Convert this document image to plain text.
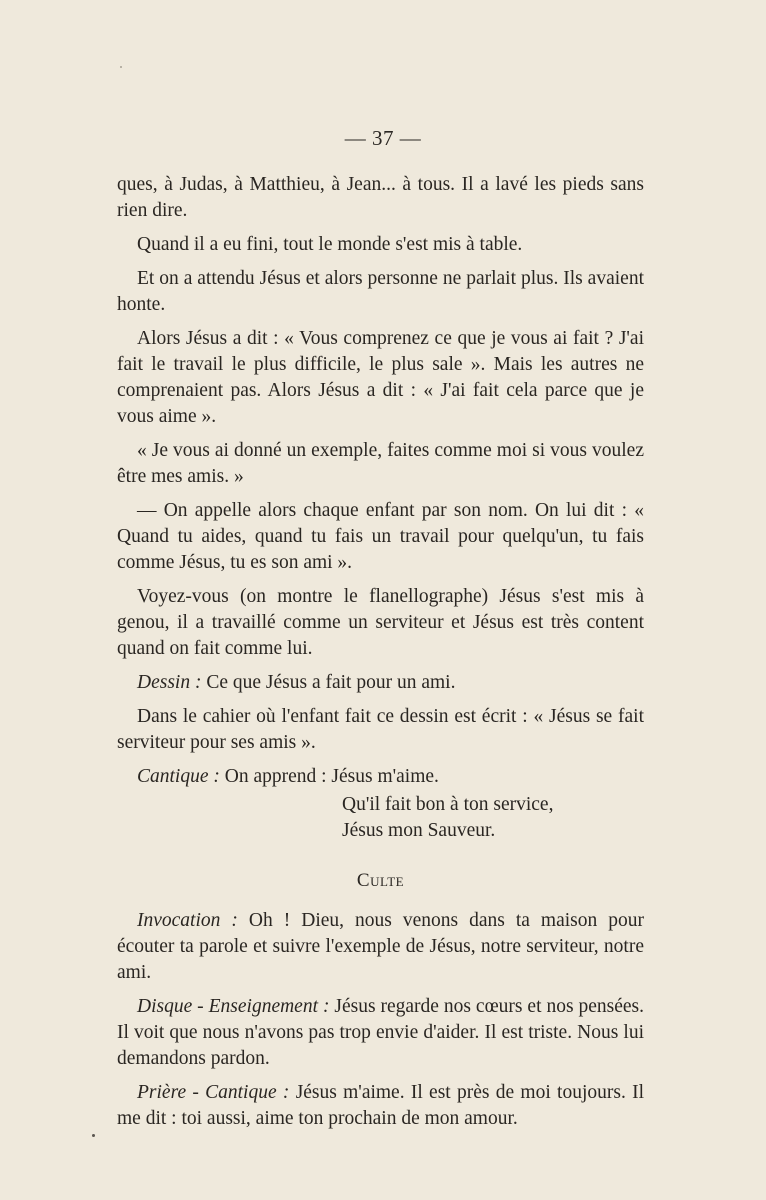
— 37 —

ques, à Judas, à Matthieu, à Jean... à tous. Il a lavé les pieds sans rien dire.

Quand il a eu fini, tout le monde s'est mis à table.

Et on a attendu Jésus et alors personne ne parlait plus. Ils avaient honte.

Alors Jésus a dit : « Vous comprenez ce que je vous ai fait ? J'ai fait le travail le plus difficile, le plus sale ». Mais les autres ne comprenaient pas. Alors Jésus a dit : « J'ai fait cela parce que je vous aime ».

« Je vous ai donné un exemple, faites comme moi si vous voulez être mes amis. »

— On appelle alors chaque enfant par son nom. On lui dit : « Quand tu aides, quand tu fais un travail pour quelqu'un, tu fais comme Jésus, tu es son ami ».

Voyez-vous (on montre le flanellographe) Jésus s'est mis à genou, il a travaillé comme un serviteur et Jésus est très content quand on fait comme lui.

Dessin : Ce que Jésus a fait pour un ami.

Dans le cahier où l'enfant fait ce dessin est écrit : « Jésus se fait serviteur pour ses amis ».

Cantique : On apprend : Jésus m'aime.

Qu'il fait bon à ton service,
Jésus mon Sauveur.
Culte

Invocation : Oh ! Dieu, nous venons dans ta maison pour écouter ta parole et suivre l'exemple de Jésus, notre serviteur, notre ami.

Disque - Enseignement : Jésus regarde nos cœurs et nos pensées. Il voit que nous n'avons pas trop envie d'aider. Il est triste. Nous lui demandons pardon.

Prière - Cantique : Jésus m'aime. Il est près de moi toujours. Il me dit : toi aussi, aime ton prochain de mon amour.
